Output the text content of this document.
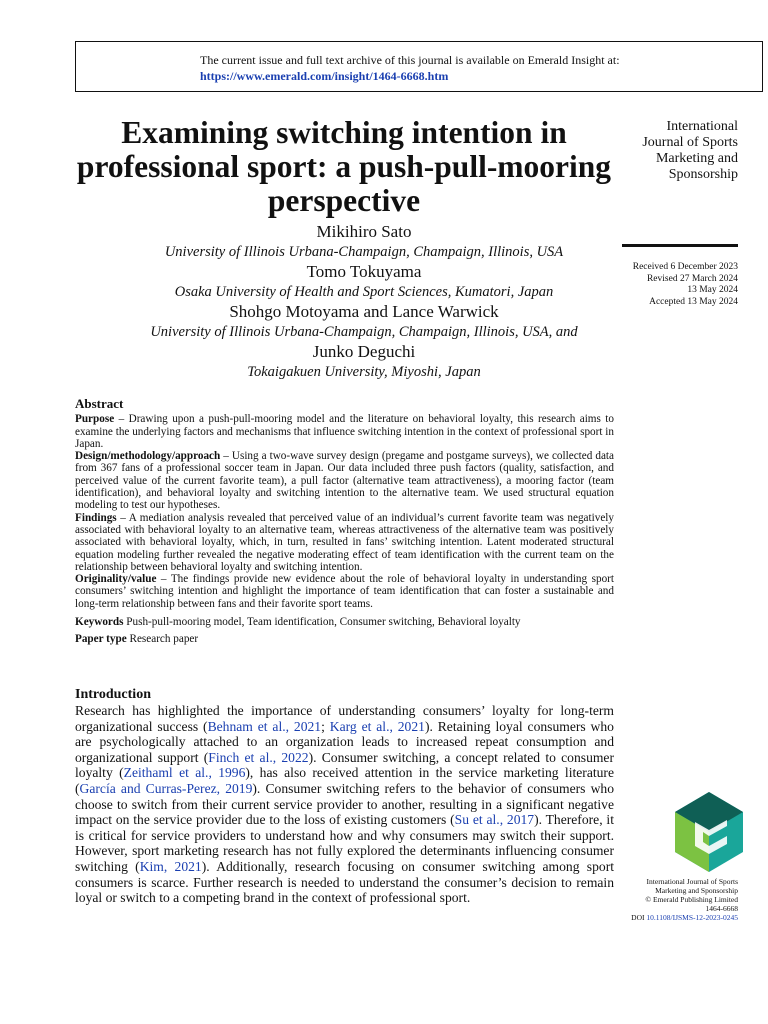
The current issue and full text archive of this journal is available on Emerald Insight at:
https://www.emerald.com/insight/1464-6668.htm
Examining switching intention in professional sport: a push-pull-mooring perspective
Mikihiro Sato
University of Illinois Urbana-Champaign, Champaign, Illinois, USA
Tomo Tokuyama
Osaka University of Health and Sport Sciences, Kumatori, Japan
Shohgo Motoyama and Lance Warwick
University of Illinois Urbana-Champaign, Champaign, Illinois, USA, and
Junko Deguchi
Tokaigakuen University, Miyoshi, Japan
International
Journal of Sports
Marketing and
Sponsorship
Received 6 December 2023
Revised 27 March 2024
13 May 2024
Accepted 13 May 2024
Abstract

Purpose – Drawing upon a push-pull-mooring model and the literature on behavioral loyalty, this research aims to examine the underlying factors and mechanisms that influence switching intention in the context of professional sport in Japan.

Design/methodology/approach – Using a two-wave survey design (pregame and postgame surveys), we collected data from 367 fans of a professional soccer team in Japan. Our data included three push factors (quality, satisfaction, and perceived value of the current favorite team), a pull factor (alternative team attractiveness), a mooring factor (team identification), and behavioral loyalty and switching intention to the alternative team. We used structural equation modeling to test our hypotheses.

Findings – A mediation analysis revealed that perceived value of an individual’s current favorite team was negatively associated with behavioral loyalty to an alternative team, whereas attractiveness of the alternative team was positively associated with behavioral loyalty, which, in turn, resulted in fans’ switching intention. Latent moderated structural equation modeling further revealed the negative moderating effect of team identification with the current team on the relationship between behavioral loyalty and switching intention.

Originality/value – The findings provide new evidence about the role of behavioral loyalty in understanding sport consumers’ switching intention and highlight the importance of team identification that can foster a sustainable and long-term relationship between fans and their favorite sport teams.

Keywords Push-pull-mooring model, Team identification, Consumer switching, Behavioral loyalty

Paper type Research paper

Introduction

Research has highlighted the importance of understanding consumers’ loyalty for long-term organizational success (Behnam et al., 2021; Karg et al., 2021). Retaining loyal consumers who are psychologically attached to an organization leads to increased repeat consumption and organizational support (Finch et al., 2022). Consumer switching, a concept related to consumer loyalty (Zeithaml et al., 1996), has also received attention in the service marketing literature (García and Curras-Perez, 2019). Consumer switching refers to the behavior of consumers who choose to switch from their current service provider to another, resulting in a significant negative impact on the service provider due to the loss of existing customers (Su et al., 2017). Therefore, it is critical for service providers to understand how and why consumers may switch their support. However, sport marketing research has not fully explored the determinants influencing consumer switching (Kim, 2021). Additionally, research focusing on consumer switching among sport consumers is scarce. Further research is needed to understand the consumer’s decision to remain loyal or switch to a competing brand in the context of professional sport.

International Journal of Sports
Marketing and Sponsorship
© Emerald Publishing Limited
1464-6668
DOI 10.1108/IJSMS-12-2023-0245
